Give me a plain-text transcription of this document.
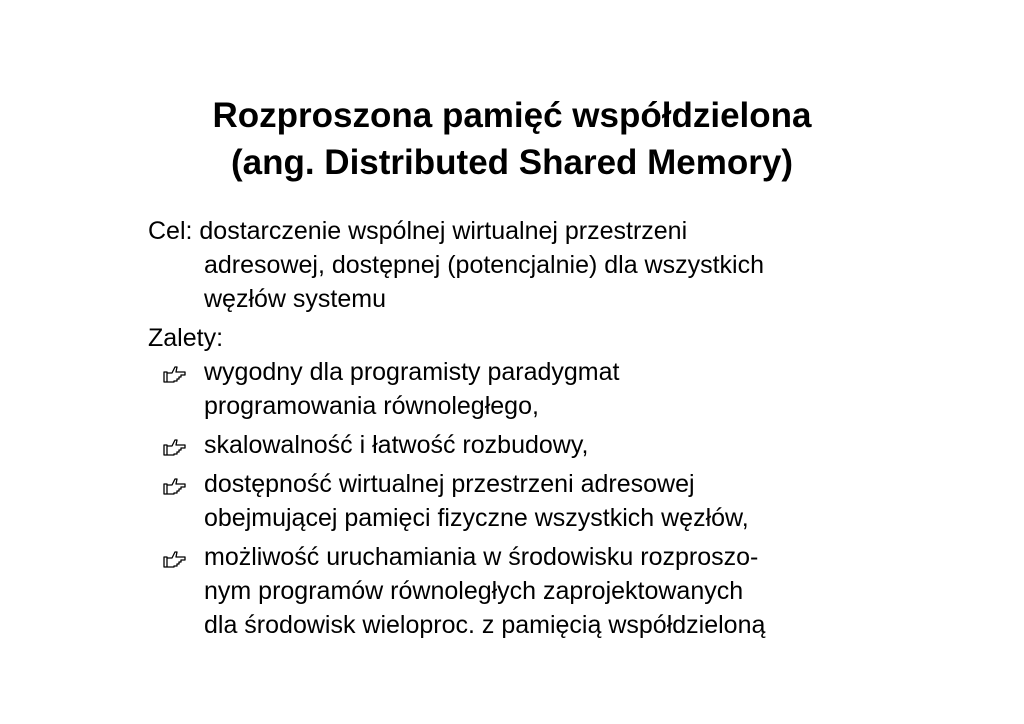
Rozproszona pamięć współdzielona
(ang. Distributed Shared Memory)
Cel: dostarczenie wspólnej wirtualnej przestrzeni
adresowej, dostępnej (potencjalnie) dla wszystkich
węzłów systemu
Zalety:
wygodny dla programisty paradygmat
programowania równoległego,
skalowalność i łatwość rozbudowy,
dostępność wirtualnej przestrzeni adresowej
obejmującej pamięci fizyczne wszystkich węzłów,
możliwość uruchamiania w środowisku rozproszo-
nym programów równoległych zaprojektowanych
dla środowisk wieloproc. z pamięcią współdzieloną
